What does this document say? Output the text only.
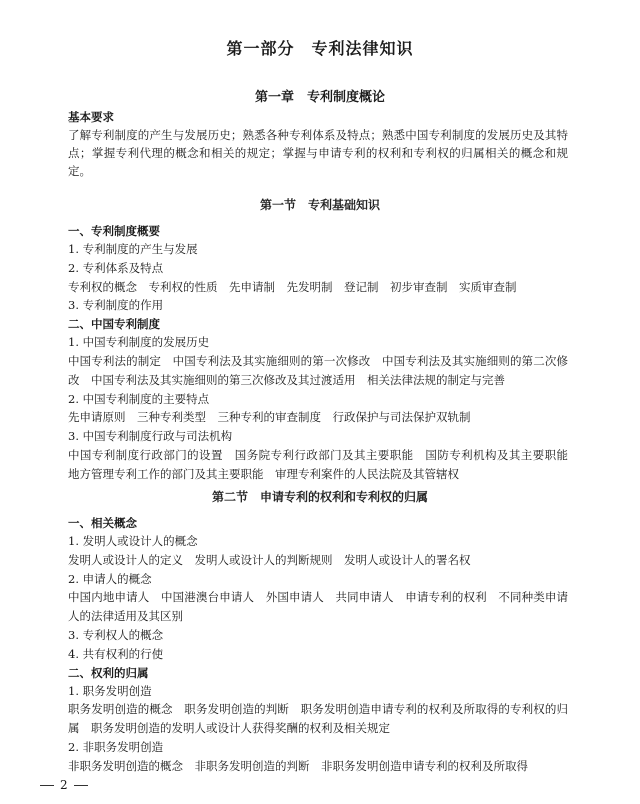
第一部分　专利法律知识
第一章　专利制度概论
基本要求
了解专利制度的产生与发展历史；熟悉各种专利体系及特点；熟悉中国专利制度的发展历史及其特点；掌握专利代理的概念和相关的规定；掌握与申请专利的权利和专利权的归属相关的概念和规定。
第一节　专利基础知识
一、专利制度概要
1. 专利制度的产生与发展
2. 专利体系及特点
专利权的概念　专利权的性质　先申请制　先发明制　登记制　初步审查制　实质审查制
3. 专利制度的作用
二、中国专利制度
1. 中国专利制度的发展历史
中国专利法的制定　中国专利法及其实施细则的第一次修改　中国专利法及其实施细则的第二次修改　中国专利法及其实施细则的第三次修改及其过渡适用　相关法律法规的制定与完善
2. 中国专利制度的主要特点
先申请原则　三种专利类型　三种专利的审查制度　行政保护与司法保护双轨制
3. 中国专利制度行政与司法机构
中国专利制度行政部门的设置　国务院专利行政部门及其主要职能　国防专利机构及其主要职能　地方管理专利工作的部门及其主要职能　审理专利案件的人民法院及其管辖权
第二节　申请专利的权利和专利权的归属
一、相关概念
1. 发明人或设计人的概念
发明人或设计人的定义　发明人或设计人的判断规则　发明人或设计人的署名权
2. 申请人的概念
中国内地申请人　中国港澳台申请人　外国申请人　共同申请人　申请专利的权利　不同种类申请人的法律适用及其区别
3. 专利权人的概念
4. 共有权利的行使
二、权利的归属
1. 职务发明创造
职务发明创造的概念　职务发明创造的判断　职务发明创造申请专利的权利及所取得的专利权的归属　职务发明创造的发明人或设计人获得奖酬的权利及相关规定
2. 非职务发明创造
非职务发明创造的概念　非职务发明创造的判断　非职务发明创造申请专利的权利及所取得
2
